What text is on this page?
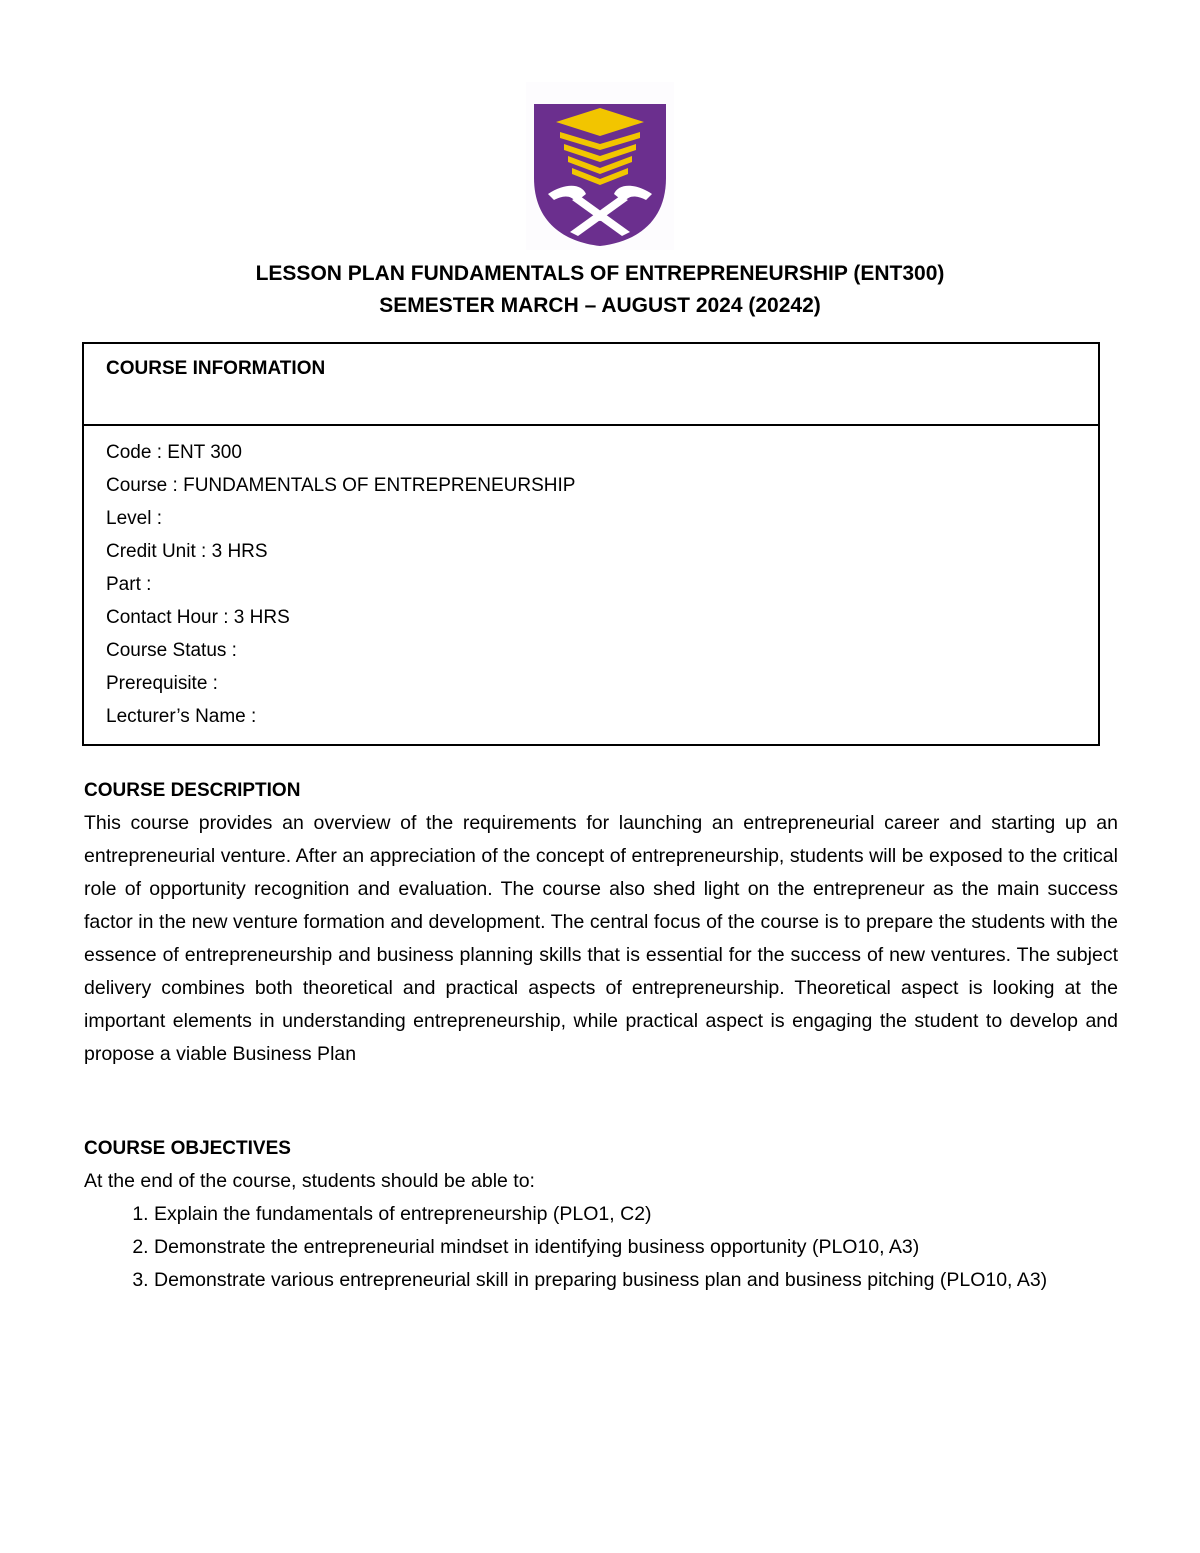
LESSON PLAN FUNDAMENTALS OF ENTREPRENEURSHIP (ENT300)
SEMESTER MARCH – AUGUST 2024 (20242)
COURSE INFORMATION
Code : ENT 300
Course : FUNDAMENTALS OF ENTREPRENEURSHIP
Level :
Credit Unit : 3 HRS
Part :
Contact Hour : 3 HRS
Course Status :
Prerequisite :
Lecturer’s Name :
COURSE DESCRIPTION

This course provides an overview of the requirements for launching an entrepreneurial career and starting up an entrepreneurial venture. After an appreciation of the concept of entrepreneurship, students will be exposed to the critical role of opportunity recognition and evaluation. The course also shed light on the entrepreneur as the main success factor in the new venture formation and development. The central focus of the course is to prepare the students with the essence of entrepreneurship and business planning skills that is essential for the success of new ventures. The subject delivery combines both theoretical and practical aspects of entrepreneurship. Theoretical aspect is looking at the important elements in understanding entrepreneurship, while practical aspect is engaging the student to develop and propose a viable Business Plan

COURSE OBJECTIVES
At the end of the course, students should be able to:
1. Explain the fundamentals of entrepreneurship (PLO1, C2)
2. Demonstrate the entrepreneurial mindset in identifying business opportunity (PLO10, A3)
3. Demonstrate various entrepreneurial skill in preparing business plan and business pitching (PLO10, A3)
